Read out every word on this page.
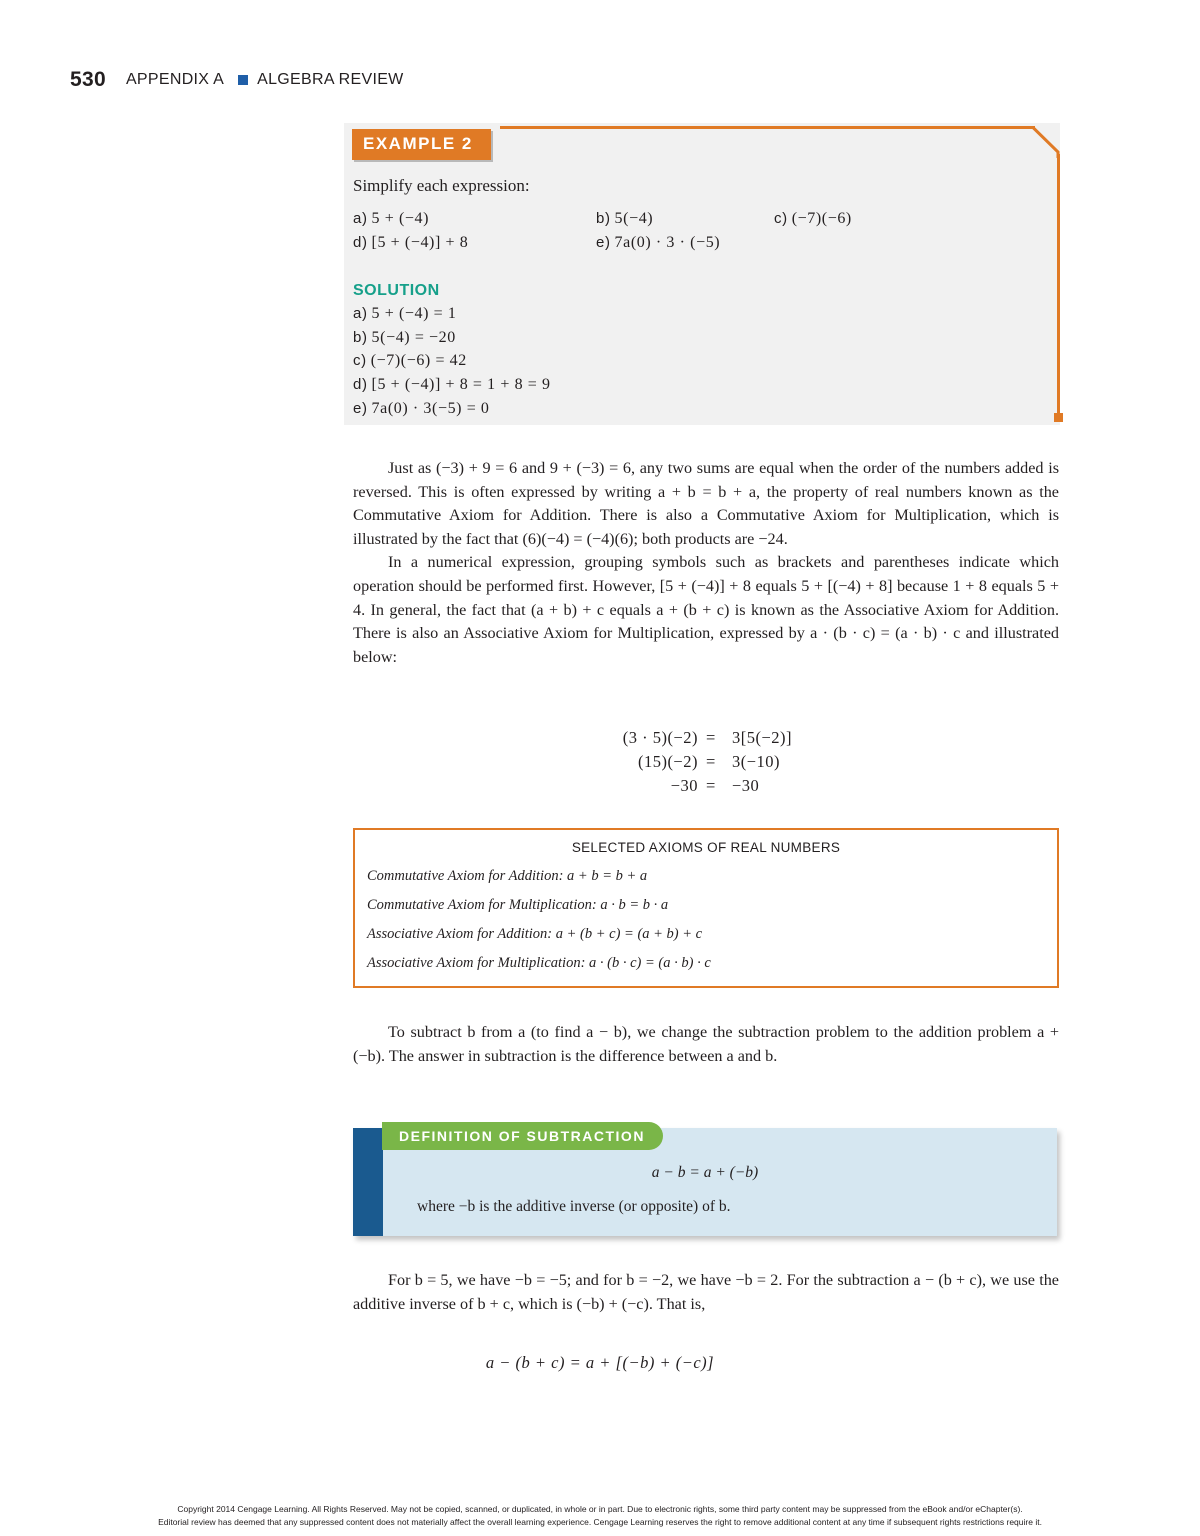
530 APPENDIX A ALGEBRA REVIEW
EXAMPLE 2
Simplify each expression:
a) 5 + (−4)	b) 5(−4)	c) (−7)(−6)
d) [5 + (−4)] + 8	e) 7a(0) · 3 · (−5)
SOLUTION
a) 5 + (−4) = 1
b) 5(−4) = −20
c) (−7)(−6) = 42
d) [5 + (−4)] + 8 = 1 + 8 = 9
e) 7a(0) · 3(−5) = 0

Just as (−3) + 9 = 6 and 9 + (−3) = 6, any two sums are equal when the order of the numbers added is reversed. This is often expressed by writing a + b = b + a, the property of real numbers known as the Commutative Axiom for Addition. There is also a Commutative Axiom for Multiplication, which is illustrated by the fact that (6)(−4) = (−4)(6); both products are −24.

In a numerical expression, grouping symbols such as brackets and parentheses indicate which operation should be performed first. However, [5 + (−4)] + 8 equals 5 + [(−4) + 8] because 1 + 8 equals 5 + 4. In general, the fact that (a + b) + c equals a + (b + c) is known as the Associative Axiom for Addition. There is also an Associative Axiom for Multiplication, expressed by a · (b · c) = (a · b) · c and illustrated below:

(3 · 5)(−2) = 3[5(−2)]
(15)(−2) = 3(−10)
−30 = −30
SELECTED AXIOMS OF REAL NUMBERS
Commutative Axiom for Addition: a + b = b + a
Commutative Axiom for Multiplication: a · b = b · a
Associative Axiom for Addition: a + (b + c) = (a + b) + c
Associative Axiom for Multiplication: a · (b · c) = (a · b) · c

To subtract b from a (to find a − b), we change the subtraction problem to the addition problem a + (−b). The answer in subtraction is the difference between a and b.

DEFINITION OF SUBTRACTION
a − b = a + (−b)
where −b is the additive inverse (or opposite) of b.

For b = 5, we have −b = −5; and for b = −2, we have −b = 2. For the subtraction a − (b + c), we use the additive inverse of b + c, which is (−b) + (−c). That is,

a − (b + c) = a + [(−b) + (−c)]
Copyright 2014 Cengage Learning. All Rights Reserved. May not be copied, scanned, or duplicated, in whole or in part. Due to electronic rights, some third party content may be suppressed from the eBook and/or eChapter(s).
Editorial review has deemed that any suppressed content does not materially affect the overall learning experience. Cengage Learning reserves the right to remove additional content at any time if subsequent rights restrictions require it.
